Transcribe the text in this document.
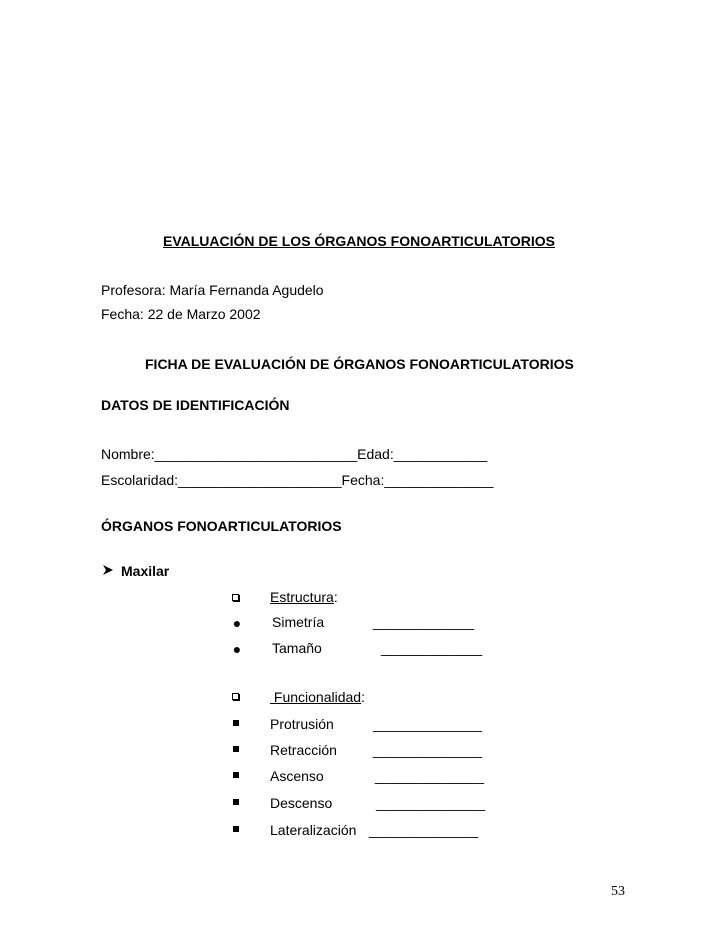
EVALUACIÓN DE LOS ÓRGANOS FONOARTICULATORIOS
Profesora: María Fernanda Agudelo
Fecha: 22 de Marzo 2002
FICHA DE EVALUACIÓN DE ÓRGANOS FONOARTICULATORIOS
DATOS DE IDENTIFICACIÓN
Nombre:__________________________Edad:____________
Escolaridad:_____________________Fecha:______________
ÓRGANOS FONOARTICULATORIOS
Maxilar
Estructura:
● Simetría	_____________
● Tamaño	_____________
Funcionalidad:
Protrusión	______________
Retracción	______________
Ascenso	______________
Descenso	______________
Lateralización ______________
53
